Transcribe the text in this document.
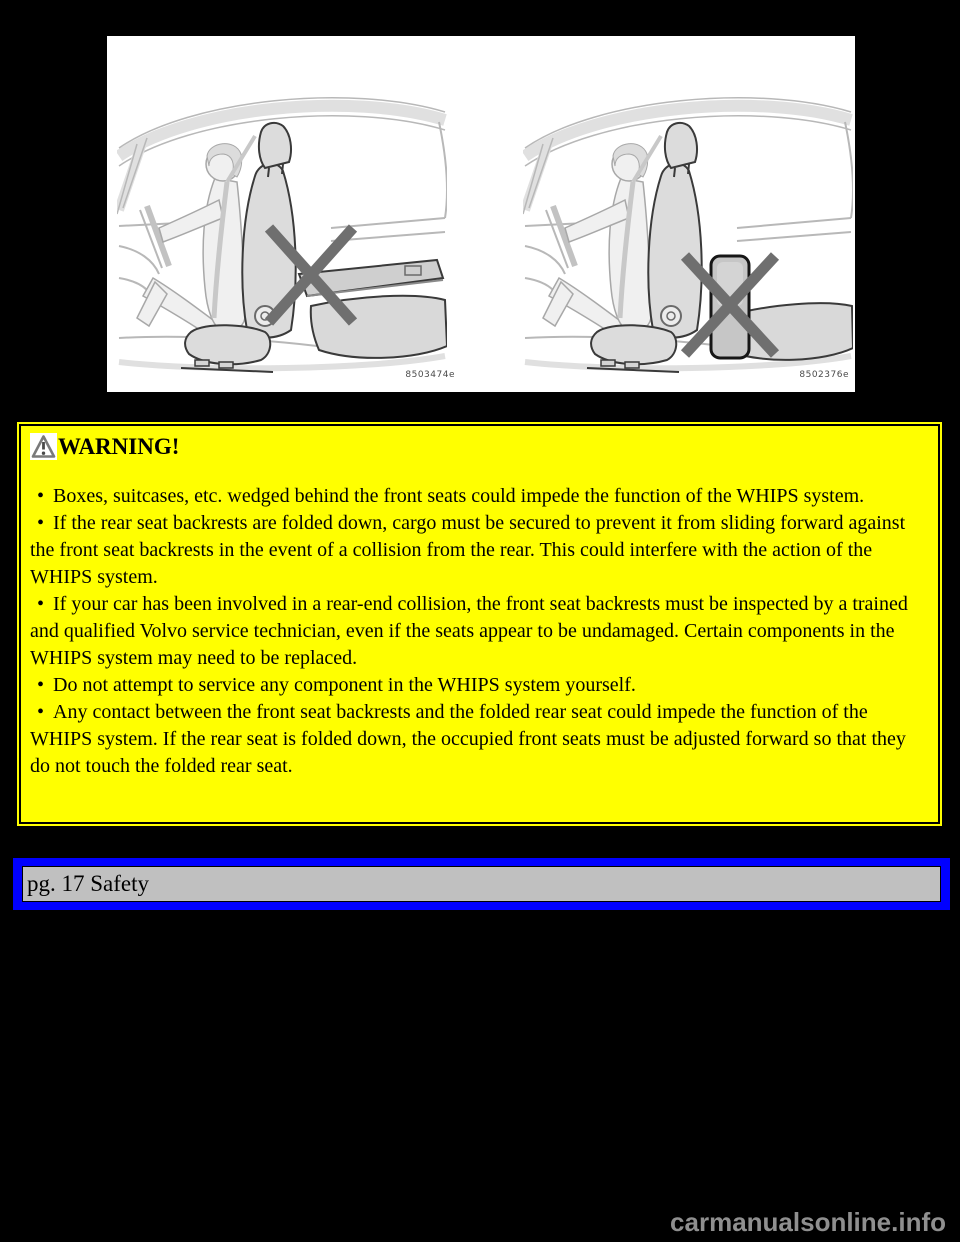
8503474e	8502376e
WARNING!

• Boxes, suitcases, etc. wedged behind the front seats could impede the function of the WHIPS system.

• If the rear seat backrests are folded down, cargo must be secured to prevent it from sliding forward against the front seat backrests in the event of a collision from the rear. This could interfere with the action of the WHIPS system.

• If your car has been involved in a rear-end collision, the front seat backrests must be inspected by a trained and qualified Volvo service technician, even if the seats appear to be undamaged. Certain components in the WHIPS system may need to be replaced.

• Do not attempt to service any component in the WHIPS system yourself.

• Any contact between the front seat backrests and the folded rear seat could impede the function of the WHIPS system. If the rear seat is folded down, the occupied front seats must be adjusted forward so that they do not touch the folded rear seat.

pg. 17 Safety
carmanualsonline.info
